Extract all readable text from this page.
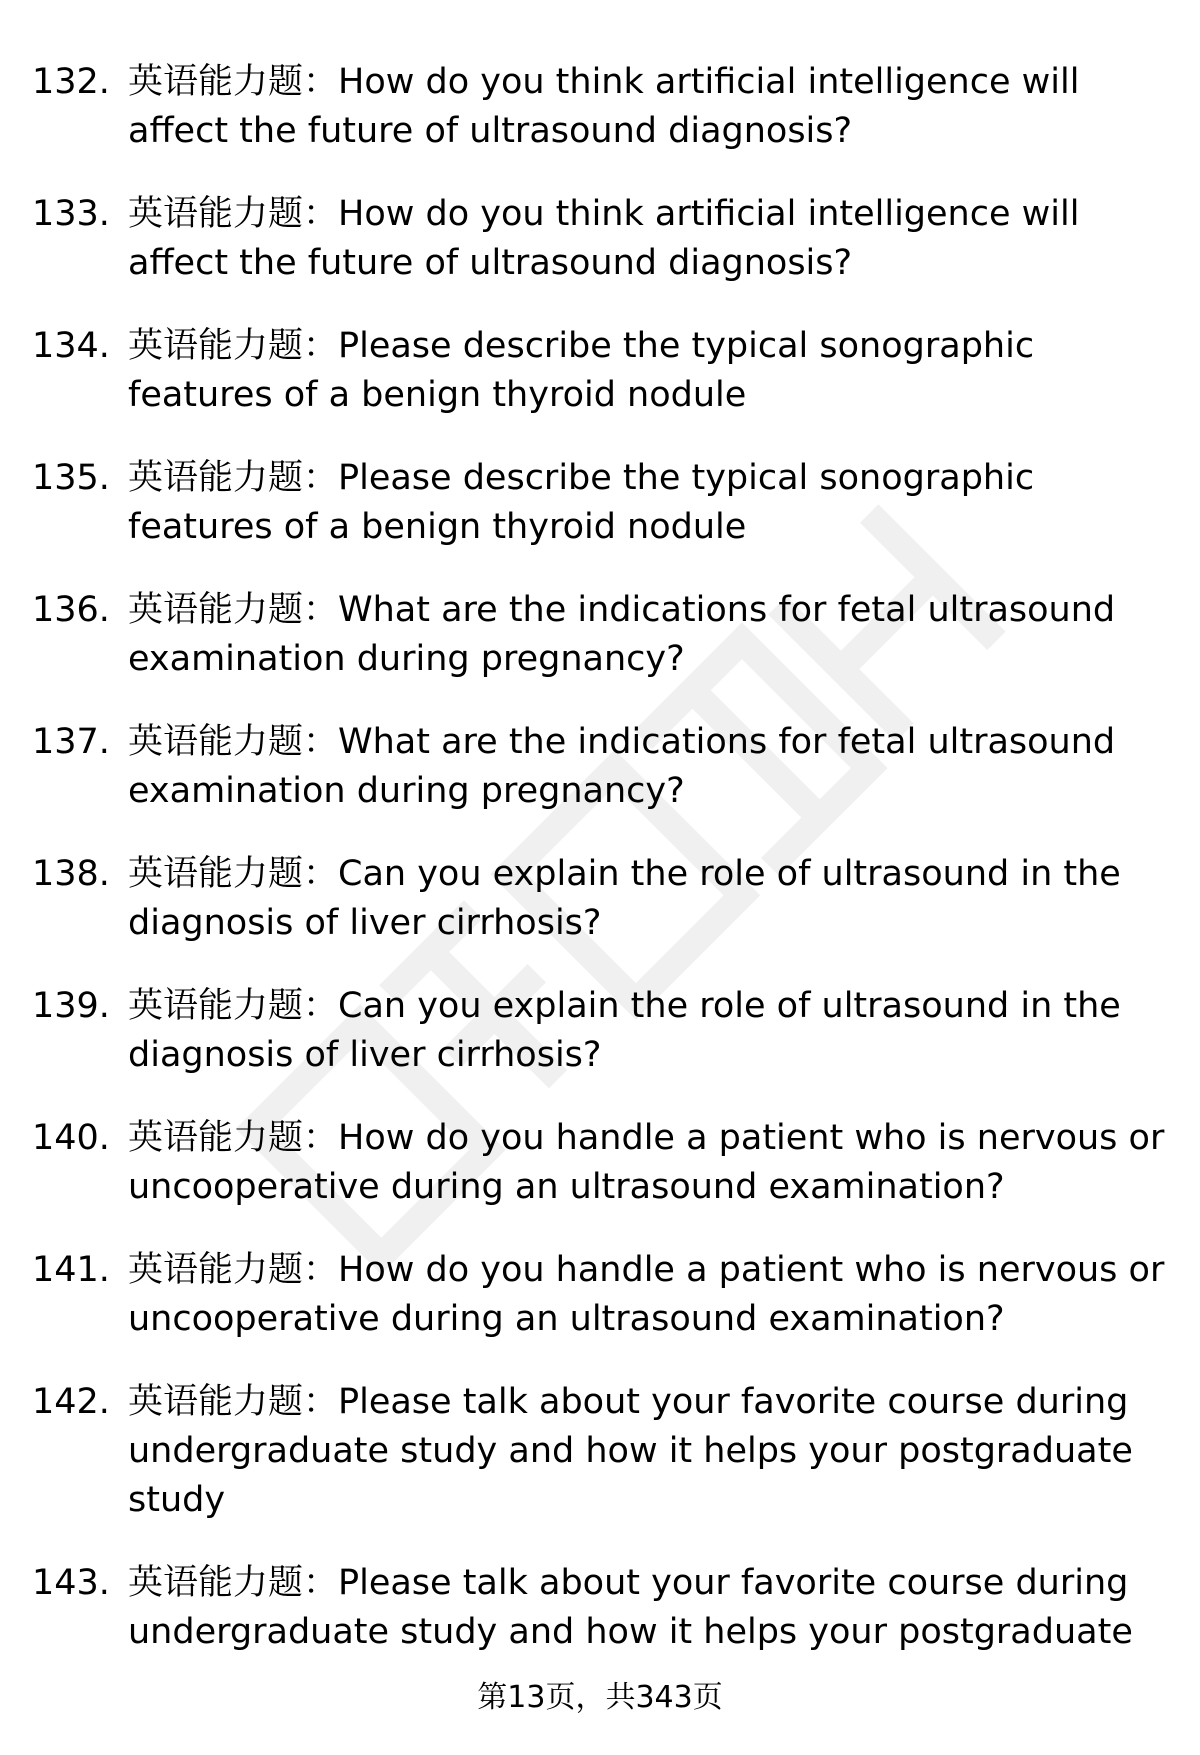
132. 英语能力题：How do you think artificial intelligence will affect the future of ultrasound diagnosis?
133. 英语能力题：How do you think artificial intelligence will affect the future of ultrasound diagnosis?
134. 英语能力题：Please describe the typical sonographic features of a benign thyroid nodule
135. 英语能力题：Please describe the typical sonographic features of a benign thyroid nodule
136. 英语能力题：What are the indications for fetal ultrasound examination during pregnancy?
137. 英语能力题：What are the indications for fetal ultrasound examination during pregnancy?
138. 英语能力题：Can you explain the role of ultrasound in the diagnosis of liver cirrhosis?
139. 英语能力题：Can you explain the role of ultrasound in the diagnosis of liver cirrhosis?
140. 英语能力题：How do you handle a patient who is nervous or uncooperative during an ultrasound examination?
141. 英语能力题：How do you handle a patient who is nervous or uncooperative during an ultrasound examination?
142. 英语能力题：Please talk about your favorite course during undergraduate study and how it helps your postgraduate study
143. 英语能力题：Please talk about your favorite course during undergraduate study and how it helps your postgraduate
第13页，共343页
